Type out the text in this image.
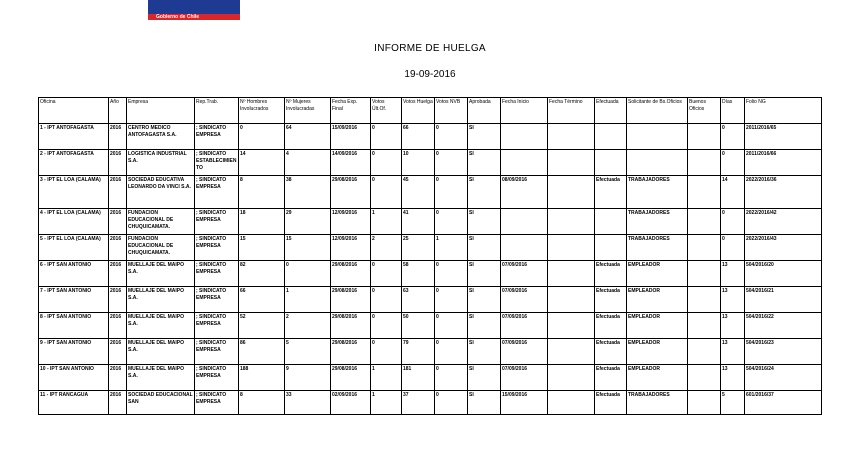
Gobierno de Chile
INFORME DE HUELGA
19-09-2016
Oficina	Año	Empresa	Rep.Trab.	Nº Hombres Involucrados	Nº Mujeres Involucradas	Fecha Exp. Final	Votos Últ.Of.	Votos Huelga	Votos NVB	Aprobada	Fecha Inicio	Fecha Término	Efectuada	Solicitante de Bs.Oficios	Buenos Oficios	Días	Folio NG
1 - IPT ANTOFAGASTA	2016	CENTRO MEDICO ANTOFAGASTA S.A.	; SINDICATO EMPRESA	0	64	15/09/2016	0	66	0	SI						0	2011/2016/65
2 - IPT ANTOFAGASTA	2016	LOGISTICA INDUSTRIAL S.A.	; SINDICATO ESTABLECIMIENTO	14	4	14/09/2016	0	10	0	SI						0	2011/2016/66
3 - IPT EL LOA (CALAMA)	2016	SOCIEDAD EDUCATIVA LEONARDO DA VINCI S.A.	; SINDICATO EMPRESA	8	38	29/08/2016	0	45	0	SI	08/09/2016		Efectuada	TRABAJADORES		14	2022/2016/36
4 - IPT EL LOA (CALAMA)	2016	FUNDACION EDUCACIONAL DE CHUQUICAMATA.	; SINDICATO EMPRESA	18	29	12/09/2016	1	41	0	SI				TRABAJADORES		0	2022/2016/42
5 - IPT EL LOA (CALAMA)	2016	FUNDACION EDUCACIONAL DE CHUQUICAMATA.	; SINDICATO EMPRESA	15	15	12/09/2016	2	25	1	SI				TRABAJADORES		0	2022/2016/43
6 - IPT SAN ANTONIO	2016	MUELLAJE DEL MAIPO S.A.	; SINDICATO EMPRESA	82	0	29/08/2016	0	58	0	SI	07/09/2016		Efectuada	EMPLEADOR		13	504/2016/20
7 - IPT SAN ANTONIO	2016	MUELLAJE DEL MAIPO S.A.	; SINDICATO EMPRESA	66	1	29/08/2016	0	63	0	SI	07/09/2016		Efectuada	EMPLEADOR		13	504/2016/21
8 - IPT SAN ANTONIO	2016	MUELLAJE DEL MAIPO S.A.	; SINDICATO EMPRESA	52	2	29/08/2016	0	50	0	SI	07/09/2016		Efectuada	EMPLEADOR		13	504/2016/22
9 - IPT SAN ANTONIO	2016	MUELLAJE DEL MAIPO S.A.	; SINDICATO EMPRESA	86	5	29/08/2016	0	79	0	SI	07/09/2016		Efectuada	EMPLEADOR		13	504/2016/23
10 - IPT SAN ANTONIO	2016	MUELLAJE DEL MAIPO S.A.	; SINDICATO EMPRESA	188	9	29/08/2016	1	181	0	SI	07/09/2016		Efectuada	EMPLEADOR		13	504/2016/24
11 - IPT RANCAGUA	2016	SOCIEDAD EDUCACIONAL SAN	; SINDICATO EMPRESA	8	33	02/09/2016	1	37	0	SI	15/09/2016		Efectuada	TRABAJADORES		5	601/2016/37
